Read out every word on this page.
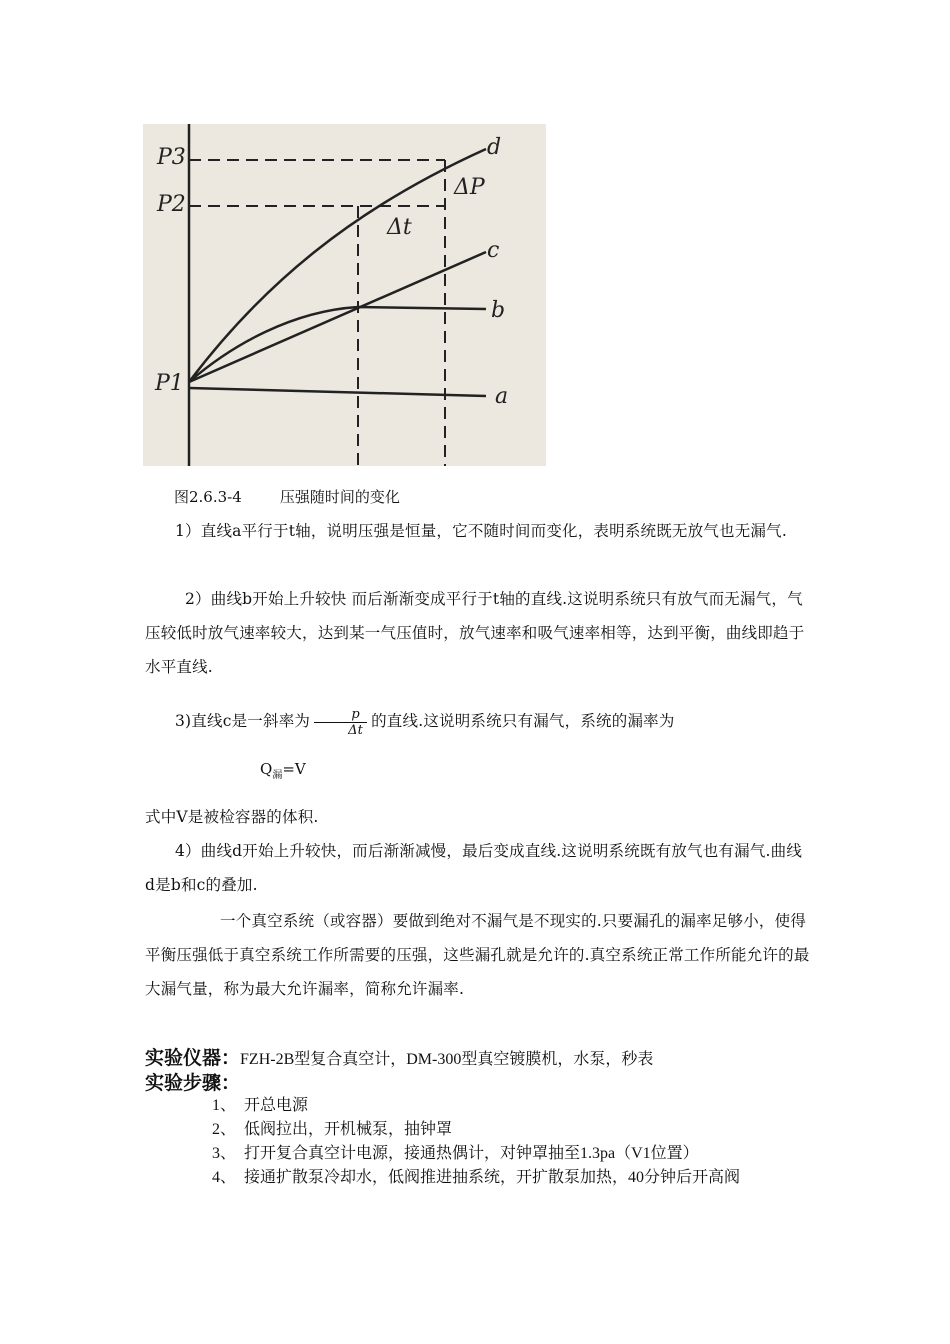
P3
P2
P1
d
c
b
a
ΔP
Δt
图2.6.3-4        压强随时间的变化
1）直线a平行于t轴，说明压强是恒量，它不随时间而变化，表明系统既无放气也无漏气.
2）曲线b开始上升较快 而后渐渐变成平行于t轴的直线.这说明系统只有放气而无漏气，气压较低时放气速率较大，达到某一气压值时，放气速率和吸气速率相等，达到平衡，曲线即趋于水平直线.
3)直线c是一斜率为 $\frac{p}{\Delta t}$ 的直线.这说明系统只有漏气，系统的漏率为
$Q_漏=V$
式中V是被检容器的体积.
4）曲线d开始上升较快，而后渐渐减慢，最后变成直线.这说明系统既有放气也有漏气.曲线d是b和c的叠加.
一个真空系统（或容器）要做到绝对不漏气是不现实的.只要漏孔的漏率足够小，使得平衡压强低于真空系统工作所需要的压强，这些漏孔就是允许的.真空系统正常工作所能允许的最大漏气量，称为最大允许漏率，简称允许漏率.
实验仪器：FZH-2B型复合真空计，DM-300型真空镀膜机，水泵，秒表
实验步骤：
1、 开总电源
2、 低阀拉出，开机械泵，抽钟罩
3、 打开复合真空计电源，接通热偶计，对钟罩抽至1.3pa（V1位置）
4、 接通扩散泵冷却水，低阀推进抽系统，开扩散泵加热，40分钟后开高阀
